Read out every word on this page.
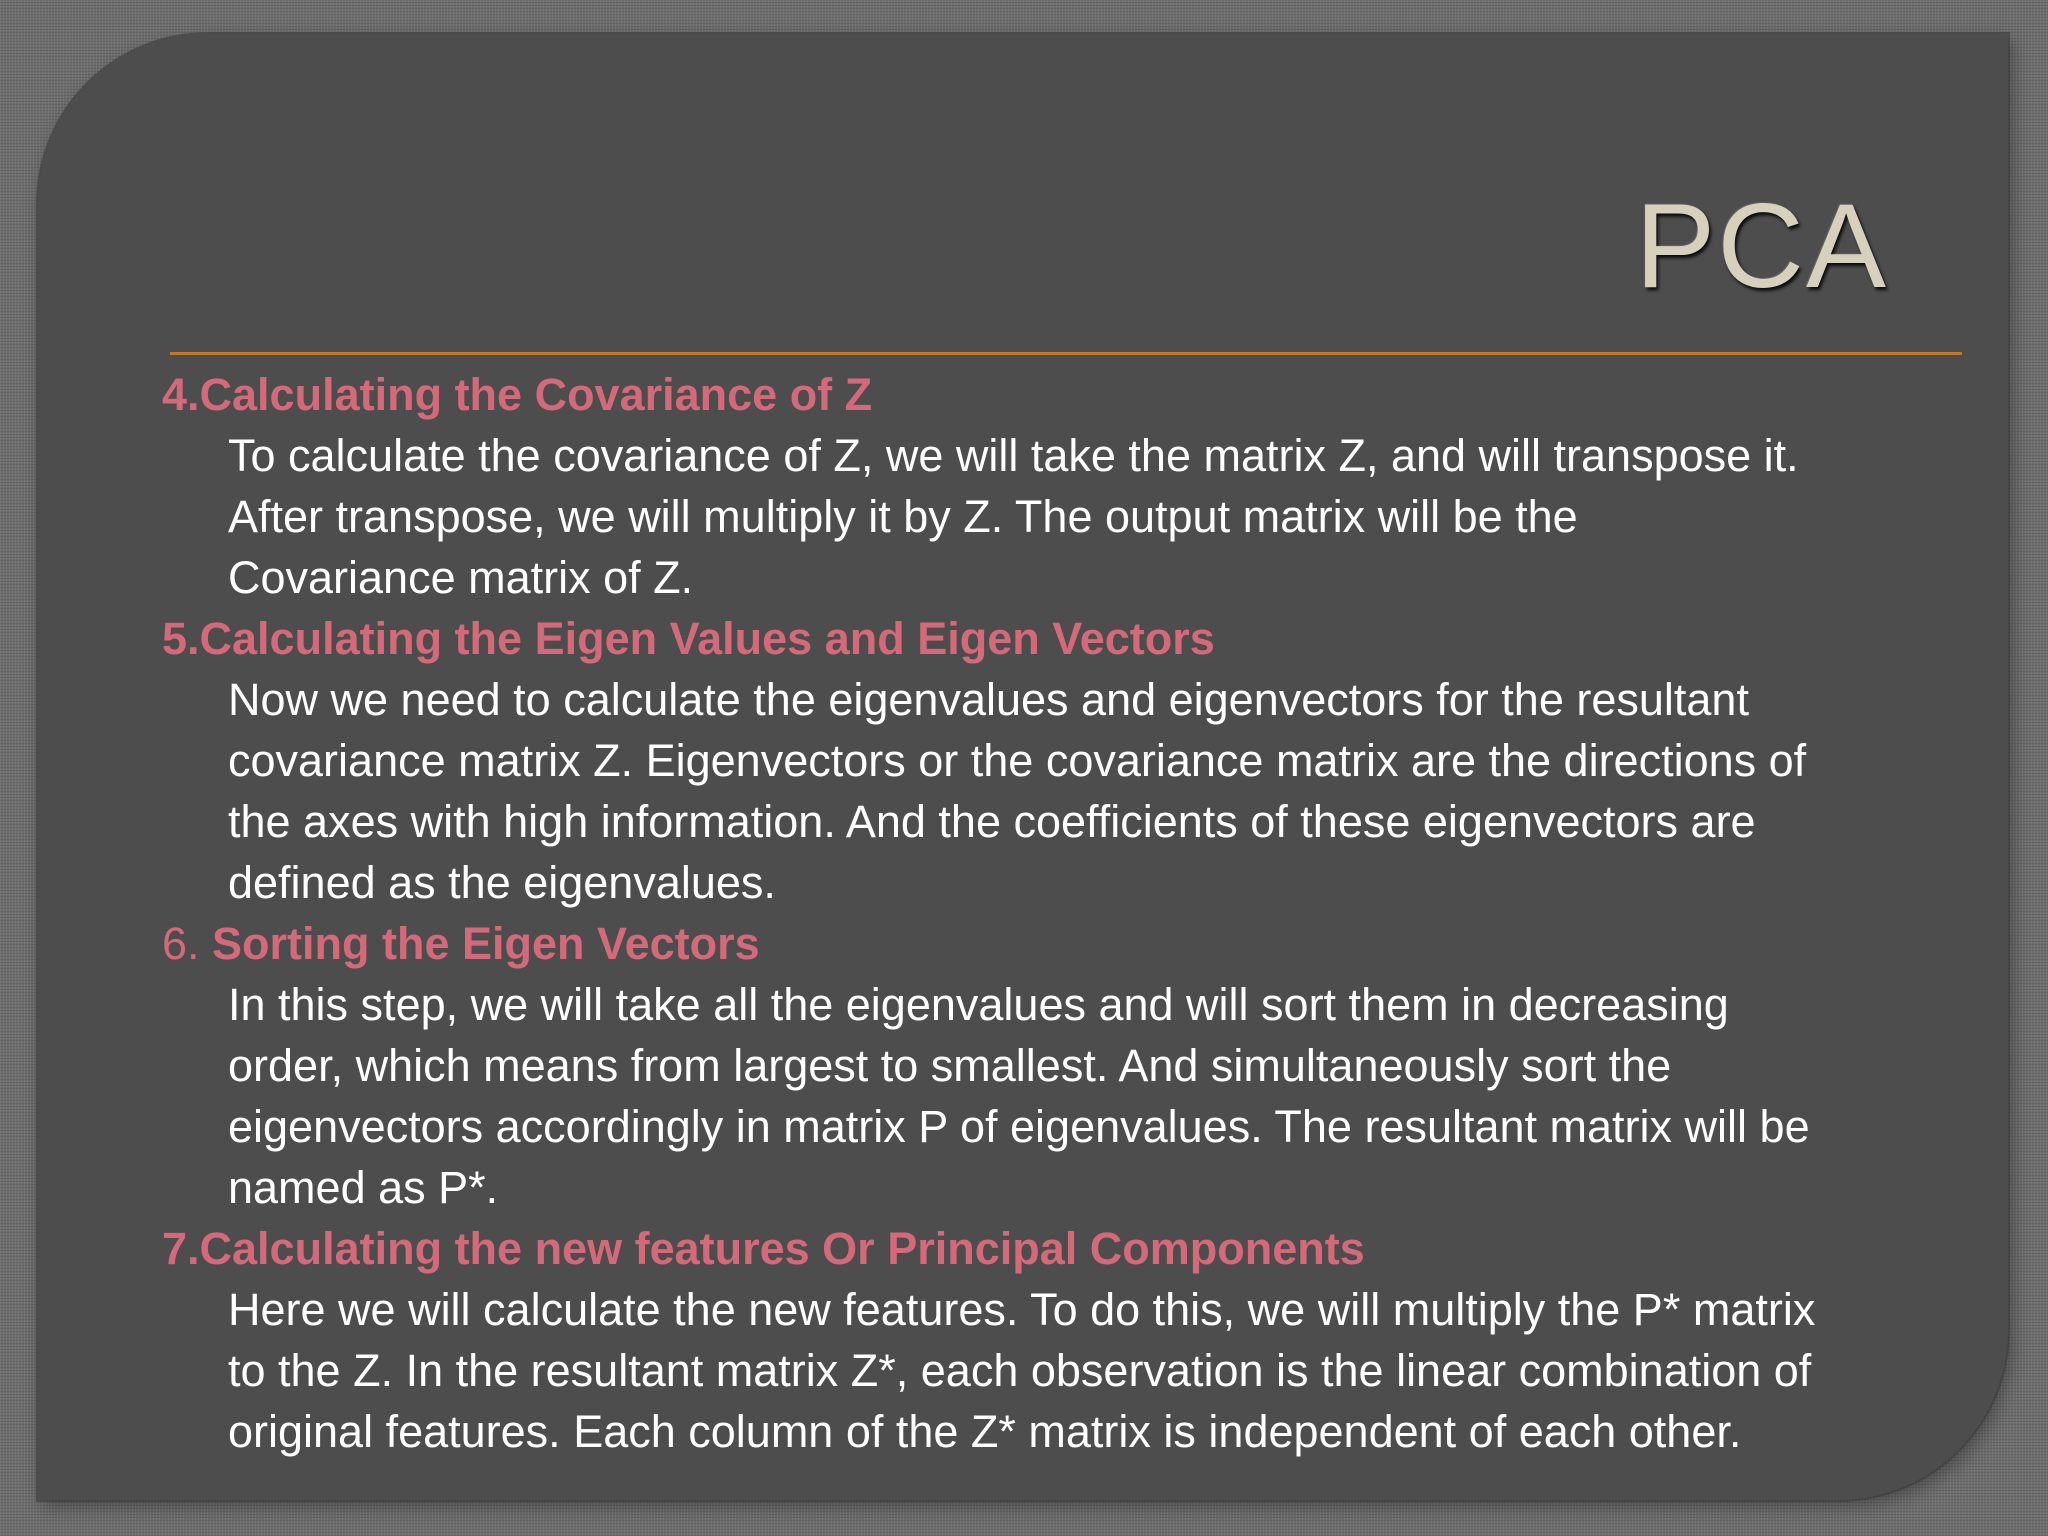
PCA
4.Calculating the Covariance of Z
To calculate the covariance of Z, we will take the matrix Z, and will transpose it.
After transpose, we will multiply it by Z. The output matrix will be the
Covariance matrix of Z.
5.Calculating the Eigen Values and Eigen Vectors
Now we need to calculate the eigenvalues and eigenvectors for the resultant
covariance matrix Z. Eigenvectors or the covariance matrix are the directions of
the axes with high information. And the coefficients of these eigenvectors are
defined as the eigenvalues.
6. Sorting the Eigen Vectors
In this step, we will take all the eigenvalues and will sort them in decreasing
order, which means from largest to smallest. And simultaneously sort the
eigenvectors accordingly in matrix P of eigenvalues. The resultant matrix will be
named as P*.
7.Calculating the new features Or Principal Components
Here we will calculate the new features. To do this, we will multiply the P* matrix
to the Z. In the resultant matrix Z*, each observation is the linear combination of
original features. Each column of the Z* matrix is independent of each other.
